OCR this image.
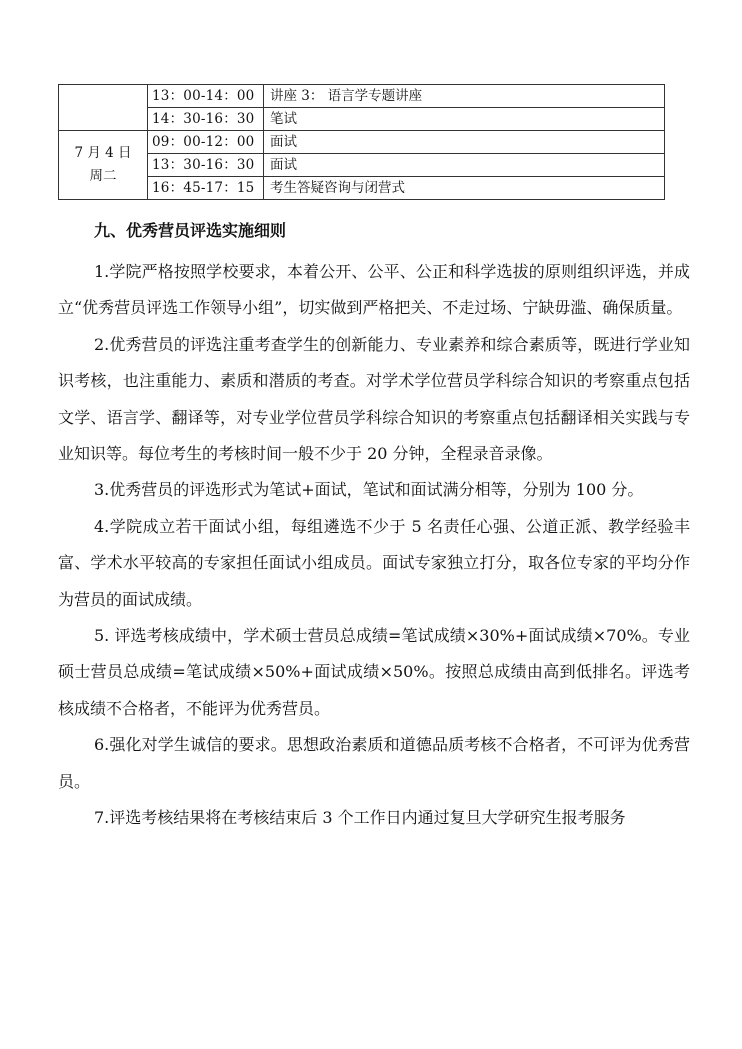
	13：00-14：00	讲座 3： 语言学专题讲座
	14：30-16：30	笔试

7 月 4 日
周二	09：00-12：00	面试
	13：30-16：30	面试
	16：45-17：15	考生答疑咨询与闭营式
九、优秀营员评选实施细则

1.学院严格按照学校要求，本着公开、公平、公正和科学选拔的原则组织评选，并成立“优秀营员评选工作领导小组”，切实做到严格把关、不走过场、宁缺毋滥、确保质量。

2.优秀营员的评选注重考查学生的创新能力、专业素养和综合素质等，既进行学业知识考核，也注重能力、素质和潜质的考查。对学术学位营员学科综合知识的考察重点包括文学、语言学、翻译等，对专业学位营员学科综合知识的考察重点包括翻译相关实践与专业知识等。每位考生的考核时间一般不少于 20 分钟，全程录音录像。

3.优秀营员的评选形式为笔试+面试，笔试和面试满分相等，分别为 100 分。

4.学院成立若干面试小组，每组遴选不少于 5 名责任心强、公道正派、教学经验丰富、学术水平较高的专家担任面试小组成员。面试专家独立打分，取各位专家的平均分作为营员的面试成绩。

5. 评选考核成绩中，学术硕士营员总成绩=笔试成绩×30%+面试成绩×70%。专业硕士营员总成绩=笔试成绩×50%+面试成绩×50%。按照总成绩由高到低排名。评选考核成绩不合格者，不能评为优秀营员。

6.强化对学生诚信的要求。思想政治素质和道德品质考核不合格者，不可评为优秀营员。

7.评选考核结果将在考核结束后 3 个工作日内通过复旦大学研究生报考服务
